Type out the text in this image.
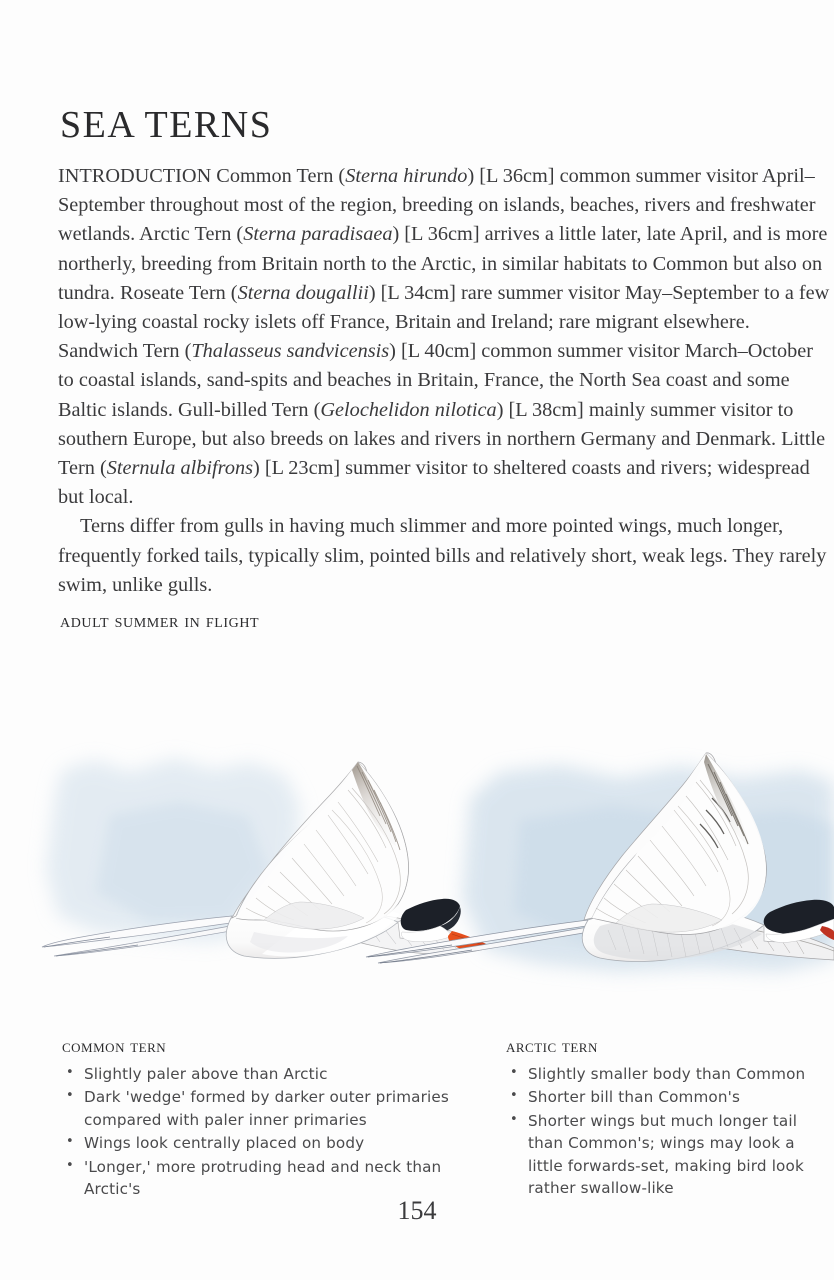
SEA TERNS

INTRODUCTION Common Tern (Sterna hirundo) [L 36cm] common summer visitor April–September throughout most of the region, breeding on islands, beaches, rivers and freshwater wetlands. Arctic Tern (Sterna paradisaea) [L 36cm] arrives a little later, late April, and is more northerly, breeding from Britain north to the Arctic, in similar habitats to Common but also on tundra. Roseate Tern (Sterna dougallii) [L 34cm] rare summer visitor May–September to a few low-lying coastal rocky islets off France, Britain and Ireland; rare migrant elsewhere. Sandwich Tern (Thalasseus sandvicensis) [L 40cm] common summer visitor March–October to coastal islands, sand-spits and beaches in Britain, France, the North Sea coast and some Baltic islands. Gull-billed Tern (Gelochelidon nilotica) [L 38cm] mainly summer visitor to southern Europe, but also breeds on lakes and rivers in northern Germany and Denmark. Little Tern (Sternula albifrons) [L 23cm] summer visitor to sheltered coasts and rivers; widespread but local.

Terns differ from gulls in having much slimmer and more pointed wings, much longer, frequently forked tails, typically slim, pointed bills and relatively short, weak legs. They rarely swim, unlike gulls.

adult summer in flight
common tern
• Slightly paler above than Arctic
• Dark 'wedge' formed by darker outer primaries compared with paler inner primaries
• Wings look centrally placed on body
• 'Longer,' more protruding head and neck than Arctic's
arctic tern
• Slightly smaller body than Common
• Shorter bill than Common's
• Shorter wings but much longer tail than Common's; wings may look a little forwards-set, making bird look rather swallow-like
154
